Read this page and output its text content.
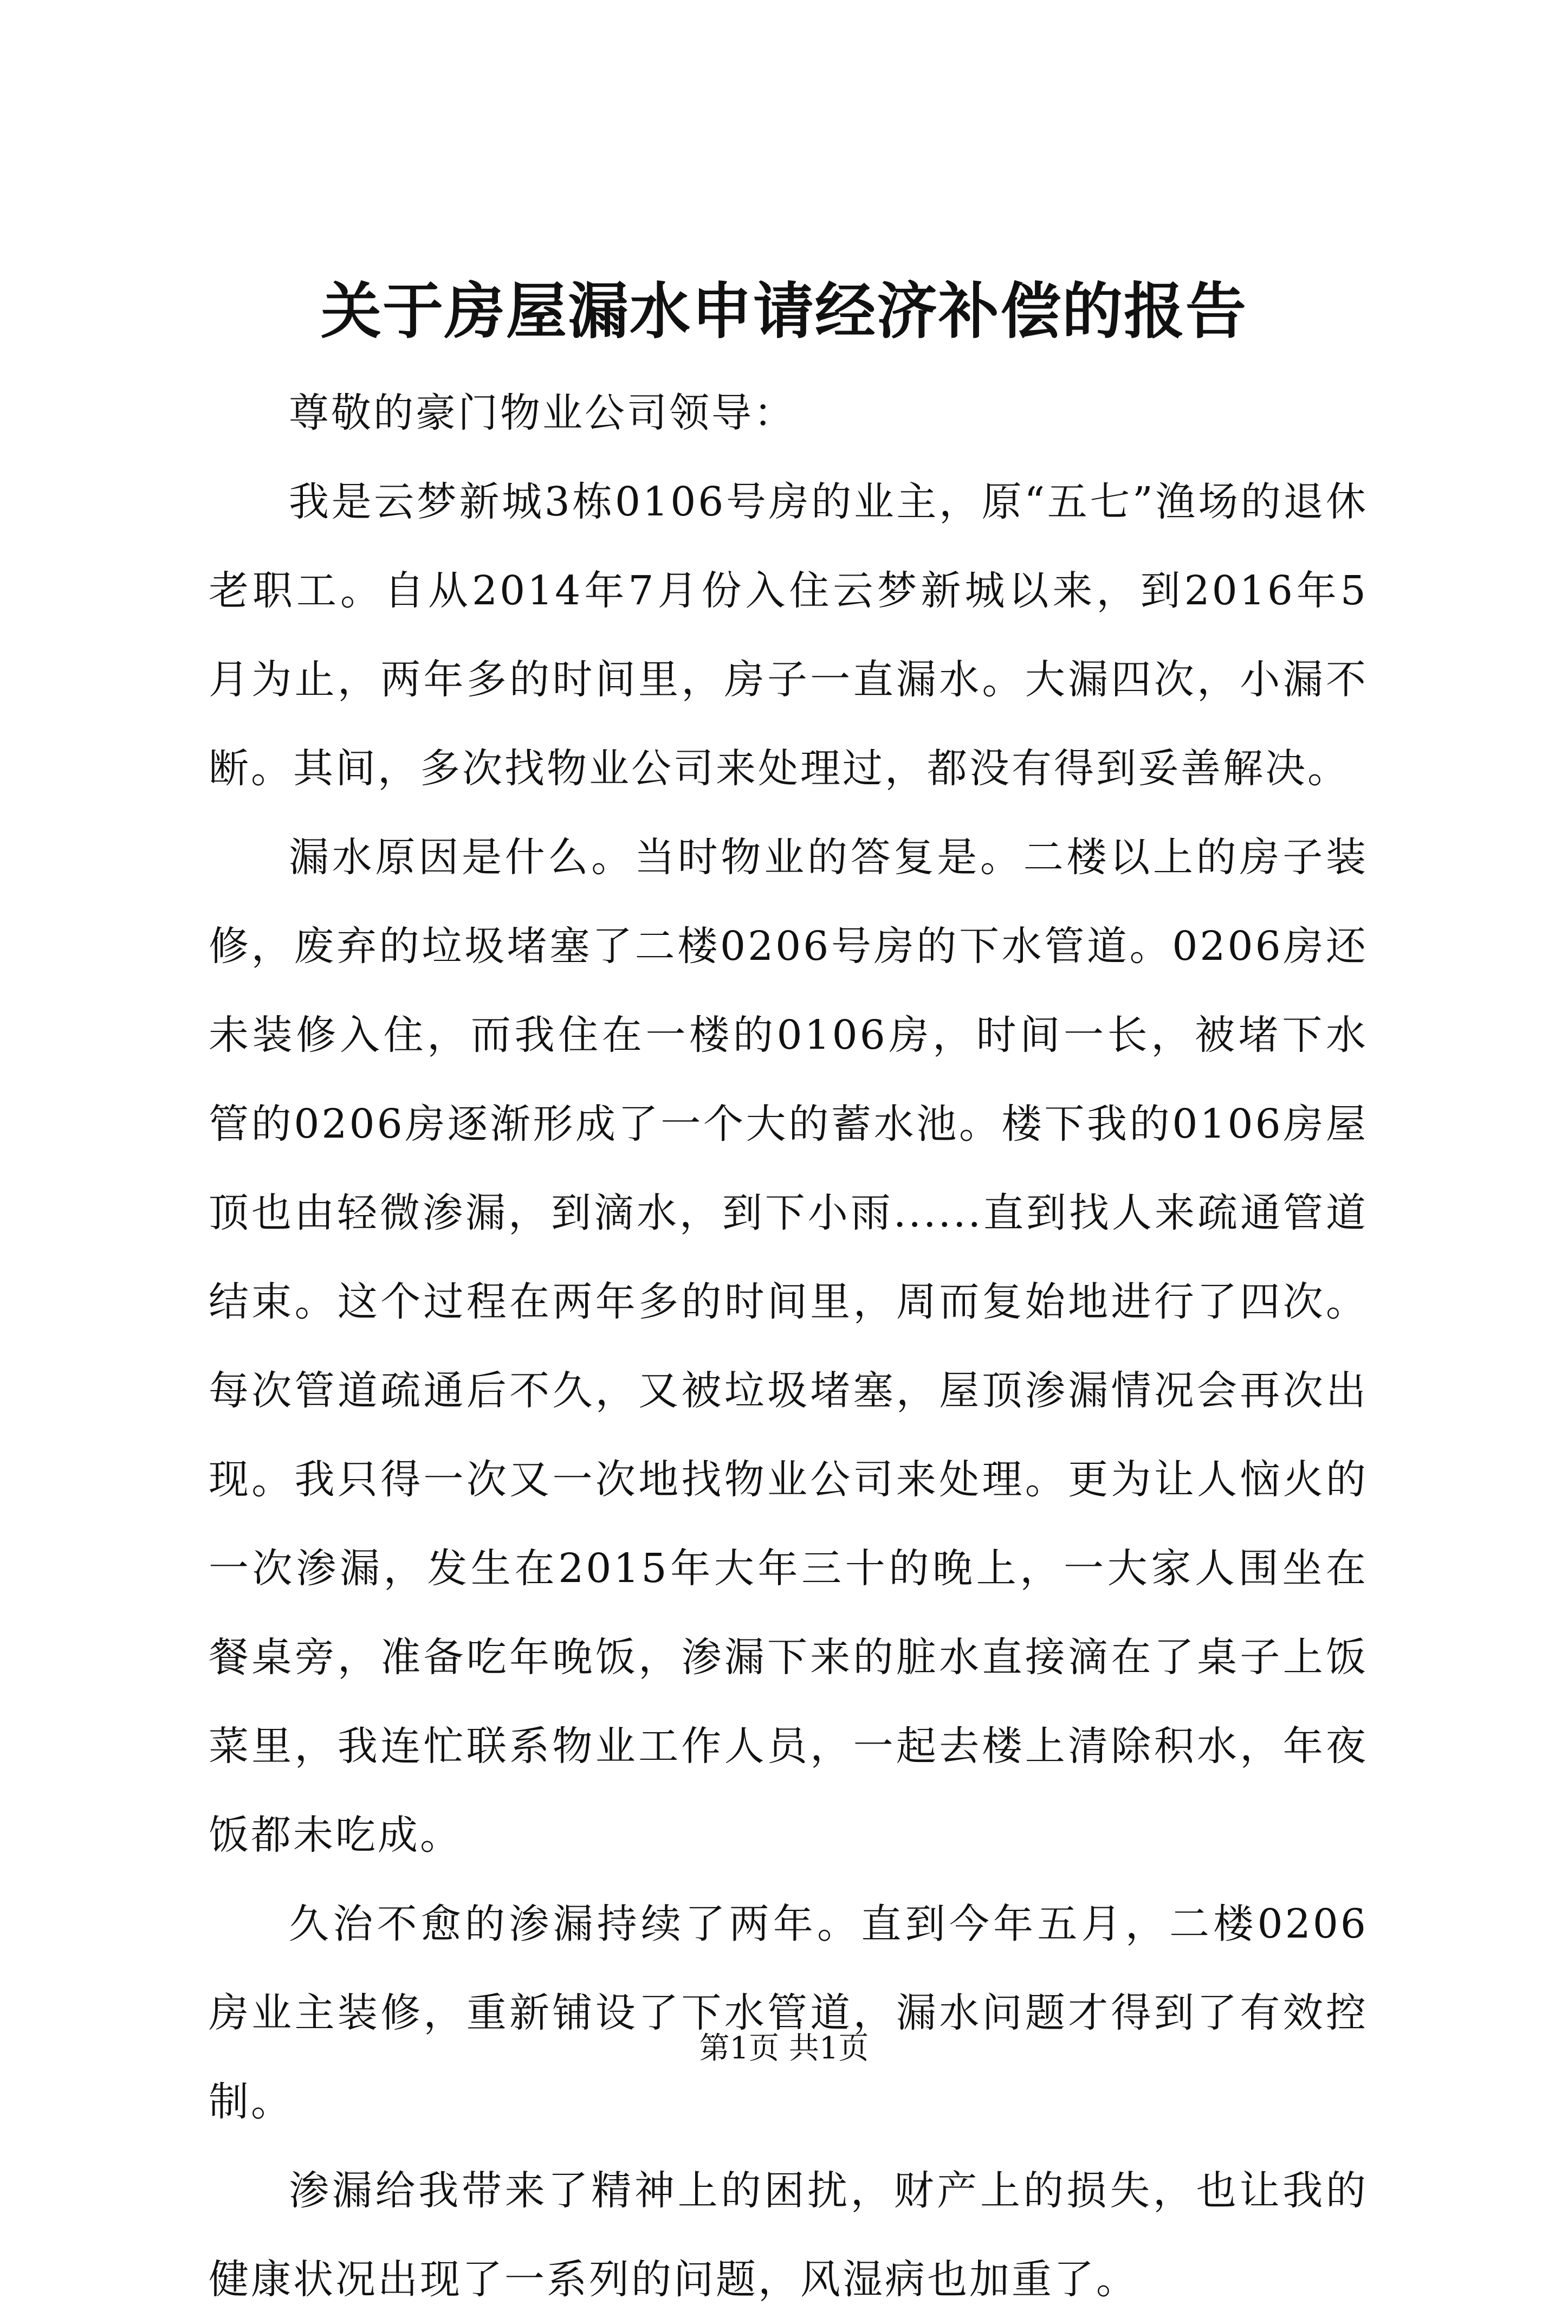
关于房屋漏水申请经济补偿的报告

尊敬的豪门物业公司领导：

我是云梦新城3栋0106号房的业主，原“五七”渔场的退休老职工。自从2014年7月份入住云梦新城以来，到2016年5月为止，两年多的时间里，房子一直漏水。大漏四次，小漏不断。其间，多次找物业公司来处理过，都没有得到妥善解决。

漏水原因是什么。当时物业的答复是。二楼以上的房子装修，废弃的垃圾堵塞了二楼0206号房的下水管道。0206房还未装修入住，而我住在一楼的0106房，时间一长，被堵下水管的0206房逐渐形成了一个大的蓄水池。楼下我的0106房屋顶也由轻微渗漏，到滴水，到下小雨......直到找人来疏通管道结束。这个过程在两年多的时间里，周而复始地进行了四次。每次管道疏通后不久，又被垃圾堵塞，屋顶渗漏情况会再次出现。我只得一次又一次地找物业公司来处理。更为让人恼火的一次渗漏，发生在2015年大年三十的晚上，一大家人围坐在餐桌旁，准备吃年晚饭，渗漏下来的脏水直接滴在了桌子上饭菜里，我连忙联系物业工作人员，一起去楼上清除积水，年夜饭都未吃成。

久治不愈的渗漏持续了两年。直到今年五月，二楼0206房业主装修，重新铺设了下水管道，漏水问题才得到了有效控制。

渗漏给我带来了精神上的困扰，财产上的损失，也让我的健康状况出现了一系列的问题，风湿病也加重了。

第1页 共1页
